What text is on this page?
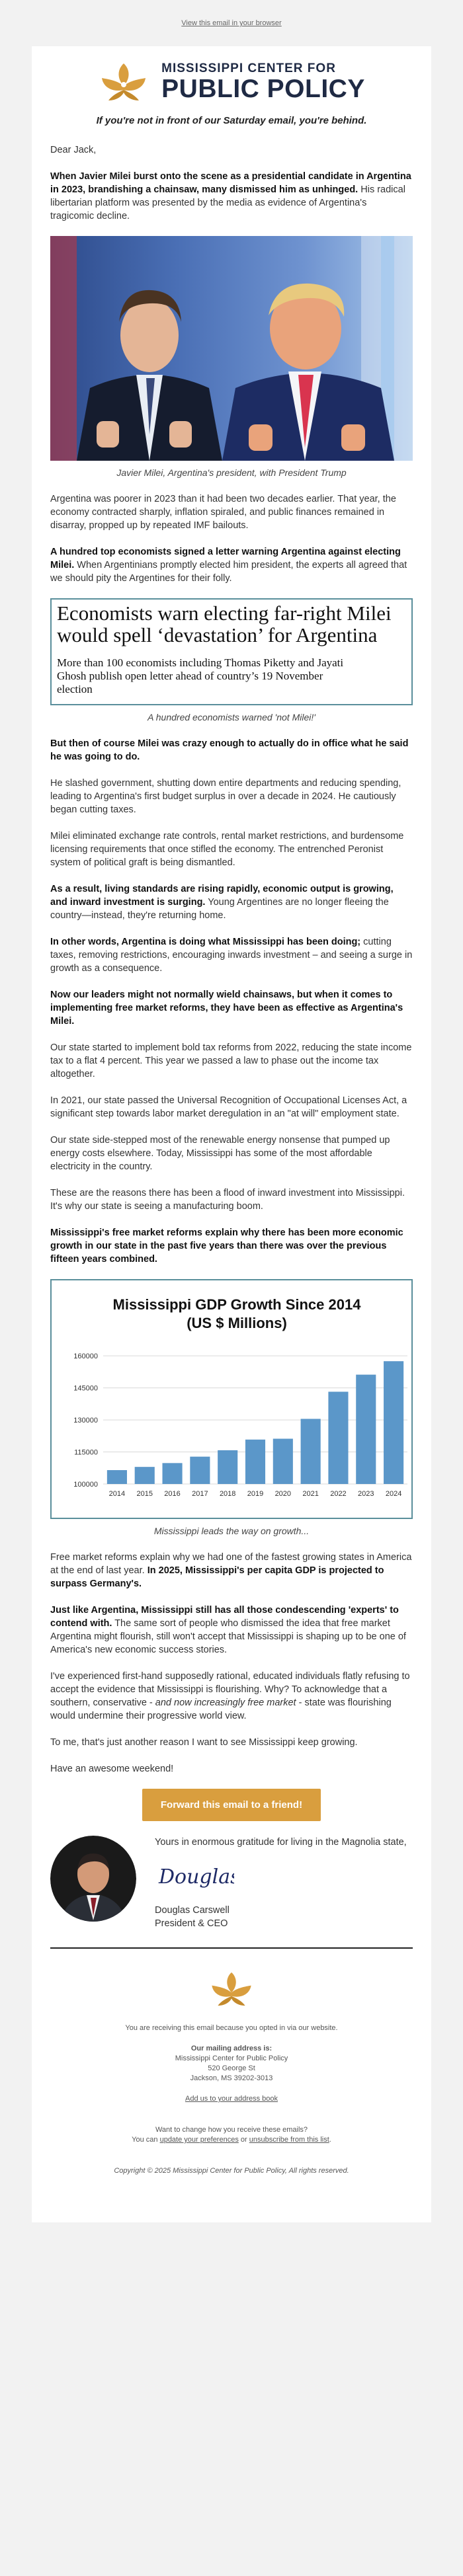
View this email in your browser
MISSISSIPPI CENTER FOR
PUBLIC POLICY
If you're not in front of our Saturday email, you're behind.

Dear Jack,

When Javier Milei burst onto the scene as a presidential candidate in Argentina in 2023, brandishing a chainsaw, many dismissed him as unhinged. His radical libertarian platform was presented by the media as evidence of Argentina's tragicomic decline.

Javier Milei, Argentina's president, with President Trump

Argentina was poorer in 2023 than it had been two decades earlier. That year, the economy contracted sharply, inflation spiraled, and public finances remained in disarray, propped up by repeated IMF bailouts.

A hundred top economists signed a letter warning Argentina against electing Milei. When Argentinians promptly elected him president, the experts all agreed that we should pity the Argentines for their folly.

Economists warn electing far-right Milei would spell ‘devastation’ for Argentina
More than 100 economists including Thomas Piketty and Jayati Ghosh publish open letter ahead of country’s 19 November election
A hundred economists warned 'not Milei!'

But then of course Milei was crazy enough to actually do in office what he said he was going to do.

He slashed government, shutting down entire departments and reducing spending, leading to Argentina's first budget surplus in over a decade in 2024. He cautiously began cutting taxes.

Milei eliminated exchange rate controls, rental market restrictions, and burdensome licensing requirements that once stifled the economy. The entrenched Peronist system of political graft is being dismantled.

As a result, living standards are rising rapidly, economic output is growing, and inward investment is surging. Young Argentines are no longer fleeing the country—instead, they're returning home.

In other words, Argentina is doing what Mississippi has been doing; cutting taxes, removing restrictions, encouraging inwards investment – and seeing a surge in growth as a consequence.

Now our leaders might not normally wield chainsaws, but when it comes to implementing free market reforms, they have been as effective as Argentina's Milei.

Our state started to implement bold tax reforms from 2022, reducing the state income tax to a flat 4 percent. This year we passed a law to phase out the income tax altogether.

In 2021, our state passed the Universal Recognition of Occupational Licenses Act, a significant step towards labor market deregulation in an "at will" employment state.

Our state side-stepped most of the renewable energy nonsense that pumped up energy costs elsewhere. Today, Mississippi has some of the most affordable electricity in the country.

These are the reasons there has been a flood of inward investment into Mississippi. It's why our state is seeing a manufacturing boom.

Mississippi's free market reforms explain why there has been more economic growth in our state in the past five years than there was over the previous fifteen years combined.

Mississippi GDP Growth Since 2014
(US $ Millions)
100000
115000
130000
145000
160000
2014 2015 2016 2017 2018 2019 2020 2021 2022 2023 2024
Mississippi leads the way on growth...

Free market reforms explain why we had one of the fastest growing states in America at the end of last year. In 2025, Mississippi's per capita GDP is projected to surpass Germany's.

Just like Argentina, Mississippi still has all those condescending 'experts' to contend with. The same sort of people who dismissed the idea that free market Argentina might flourish, still won't accept that Mississippi is shaping up to be one of America's new economic success stories.

I've experienced first-hand supposedly rational, educated individuals flatly refusing to accept the evidence that Mississippi is flourishing. Why? To acknowledge that a southern, conservative - and now increasingly free market - state was flourishing would undermine their progressive world view.

To me, that's just another reason I want to see Mississippi keep growing.

Have an awesome weekend!

Forward this email to a friend!

Yours in enormous gratitude for living in the Magnolia state,

Douglas
Douglas Carswell
President & CEO
You are receiving this email because you opted in via our website.
Our mailing address is:
Mississippi Center for Public Policy
520 George St
Jackson, MS 39202-3013
Add us to your address book
Want to change how you receive these emails?
You can update your preferences or unsubscribe from this list.
Copyright © 2025 Mississippi Center for Public Policy, All rights reserved.
